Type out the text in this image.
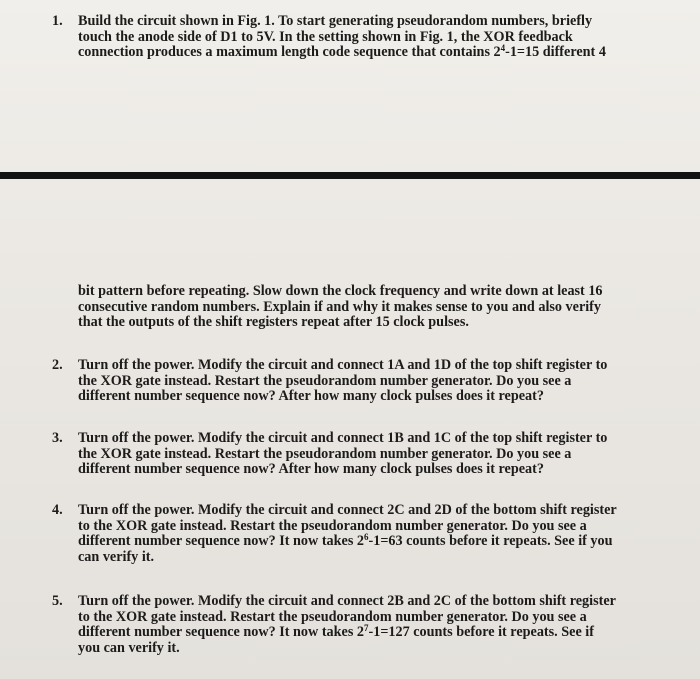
1. Build the circuit shown in Fig. 1. To start generating pseudorandom numbers, briefly
touch the anode side of D1 to 5V. In the setting shown in Fig. 1, the XOR feedback
connection produces a maximum length code sequence that contains $2^4-1=15$ different 4
bit pattern before repeating. Slow down the clock frequency and write down at least 16
consecutive random numbers. Explain if and why it makes sense to you and also verify
that the outputs of the shift registers repeat after 15 clock pulses.
2. Turn off the power. Modify the circuit and connect 1A and 1D of the top shift register to
the XOR gate instead. Restart the pseudorandom number generator. Do you see a
different number sequence now? After how many clock pulses does it repeat?
3. Turn off the power. Modify the circuit and connect 1B and 1C of the top shift register to
the XOR gate instead. Restart the pseudorandom number generator. Do you see a
different number sequence now? After how many clock pulses does it repeat?
4. Turn off the power. Modify the circuit and connect 2C and 2D of the bottom shift register
to the XOR gate instead. Restart the pseudorandom number generator. Do you see a
different number sequence now? It now takes $2^6-1=63$ counts before it repeats. See if you
can verify it.
5. Turn off the power. Modify the circuit and connect 2B and 2C of the bottom shift register
to the XOR gate instead. Restart the pseudorandom number generator. Do you see a
different number sequence now? It now takes $2^7-1=127$ counts before it repeats. See if
you can verify it.
